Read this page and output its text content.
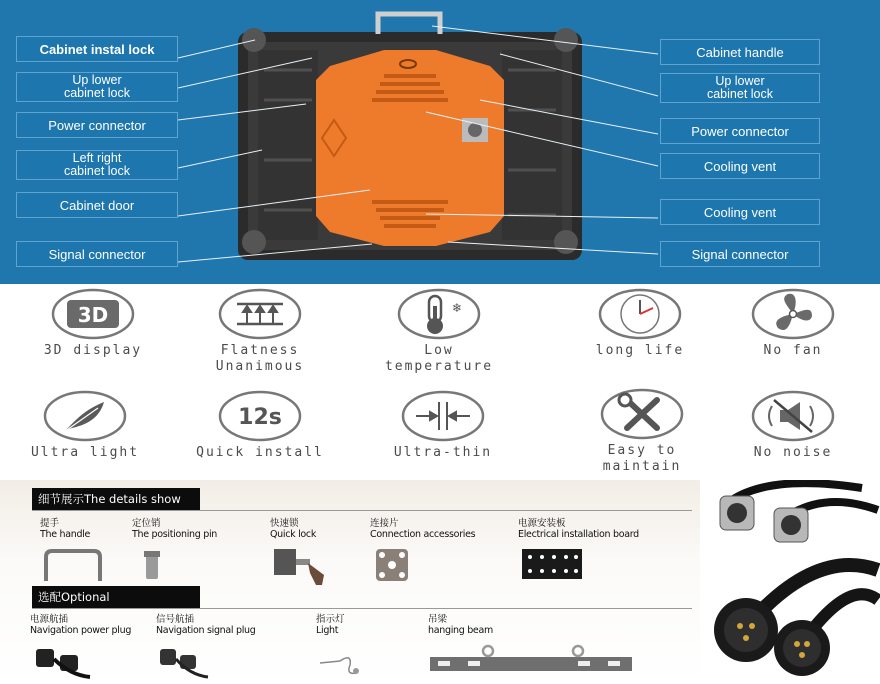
Cabinet instal lock
Up lower
cabinet lock
Power connector
Left right
cabinet lock
Cabinet door
Signal connector
Cabinet handle
Up lower
cabinet lock
Power connector
Cooling vent
Cooling vent
Signal connector
3D
3D display	Flatness
Unanimous
❄
Low
temperature
long life	No fan
Ultra light
12s
Quick install	Ultra-thin	Easy to
maintain
No noise
细节展示The details show
提手
The handle
定位销
The positioning pin
快速锁
Quick lock
连接片
Connection accessories
电源安装板
Electrical installation board
选配Optional
电源航插
Navigation power plug
信号航插
Navigation signal plug
指示灯
Light
吊梁
hanging beam
